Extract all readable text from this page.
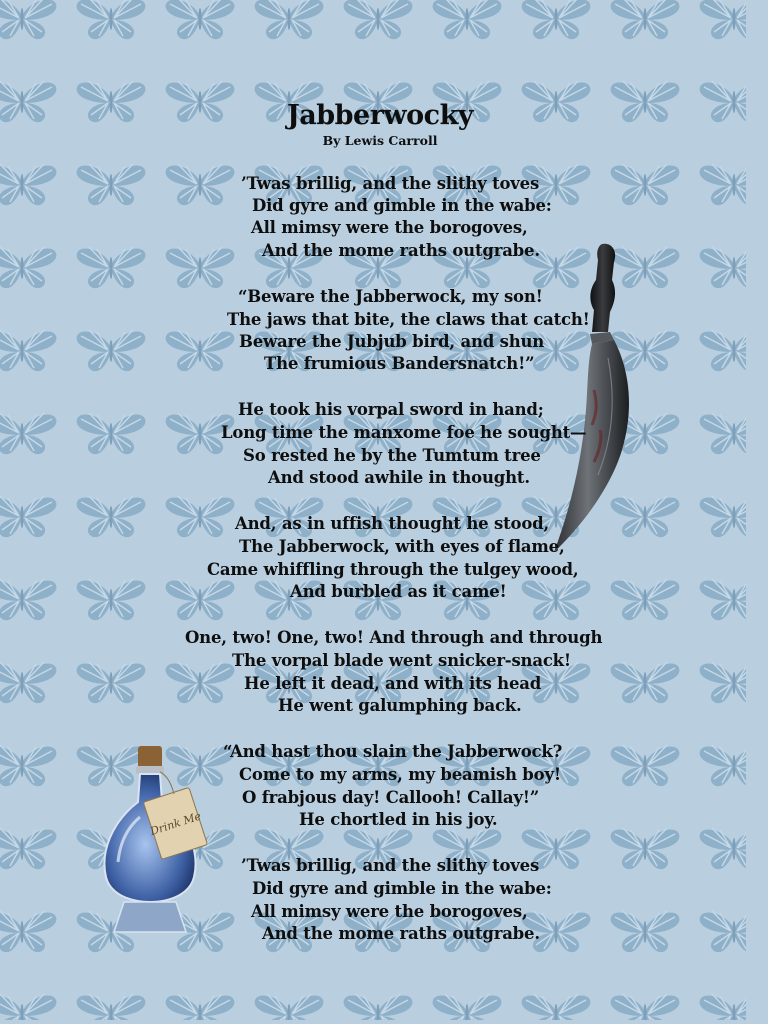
Drink Me
Jabberwocky
By Lewis Carroll
’Twas brillig, and the slithy toves
Did gyre and gimble in the wabe:
All mimsy were the borogoves,
And the mome raths outgrabe.
“Beware the Jabberwock, my son!
The jaws that bite, the claws that catch!
Beware the Jubjub bird, and shun
The frumious Bandersnatch!”
He took his vorpal sword in hand;
Long time the manxome foe he sought—
So rested he by the Tumtum tree
And stood awhile in thought.
And, as in uffish thought he stood,
The Jabberwock, with eyes of flame,
Came whiffling through the tulgey wood,
And burbled as it came!
One, two! One, two! And through and through
The vorpal blade went snicker-snack!
He left it dead, and with its head
He went galumphing back.
“And hast thou slain the Jabberwock?
Come to my arms, my beamish boy!
O frabjous day! Callooh! Callay!”
He chortled in his joy.
’Twas brillig, and the slithy toves
Did gyre and gimble in the wabe:
All mimsy were the borogoves,
And the mome raths outgrabe.
